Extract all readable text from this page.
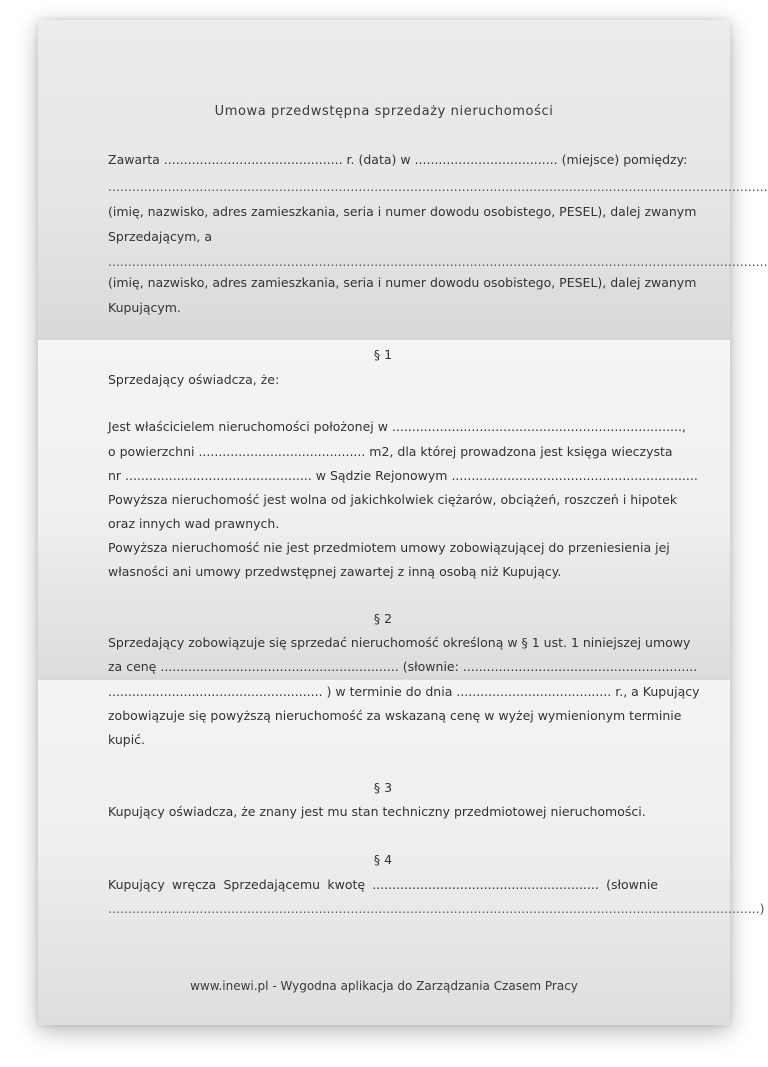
Umowa przedwstępna sprzedaży nieruchomości
Zawarta ............................................. r. (data) w .................................... (miejsce) pomiędzy:
......................................................................................................................................................................
(imię, nazwisko, adres zamieszkania, seria i numer dowodu osobistego, PESEL), dalej zwanym
Sprzedającym, a
......................................................................................................................................................................
(imię, nazwisko, adres zamieszkania, seria i numer dowodu osobistego, PESEL), dalej zwanym
Kupującym.
§ 1
Sprzedający oświadcza, że:
Jest właścicielem nieruchomości położonej w .........................................................................,
o powierzchni .......................................... m2, dla której prowadzona jest księga wieczysta
nr ............................................... w Sądzie Rejonowym ..............................................................
Powyższa nieruchomość jest wolna od jakichkolwiek ciężarów, obciążeń, roszczeń i hipotek
oraz innych wad prawnych.
Powyższa nieruchomość nie jest przedmiotem umowy zobowiązującej do przeniesienia jej
własności ani umowy przedwstępnej zawartej z inną osobą niż Kupujący.
§ 2
Sprzedający zobowiązuje się sprzedać nieruchomość określoną w § 1 ust. 1 niniejszej umowy
za cenę ............................................................ (słownie: ...........................................................
...................................................... ) w terminie do dnia ....................................... r., a Kupujący
zobowiązuje się powyższą nieruchomość za wskazaną cenę w wyżej wymienionym terminie
kupić.
§ 3
Kupujący oświadcza, że znany jest mu stan techniczny przedmiotowej nieruchomości.
§ 4
Kupujący wręcza Sprzedającemu kwotę ......................................................... (słownie
....................................................................................................................................................................)
www.inewi.pl - Wygodna aplikacja do Zarządzania Czasem Pracy
